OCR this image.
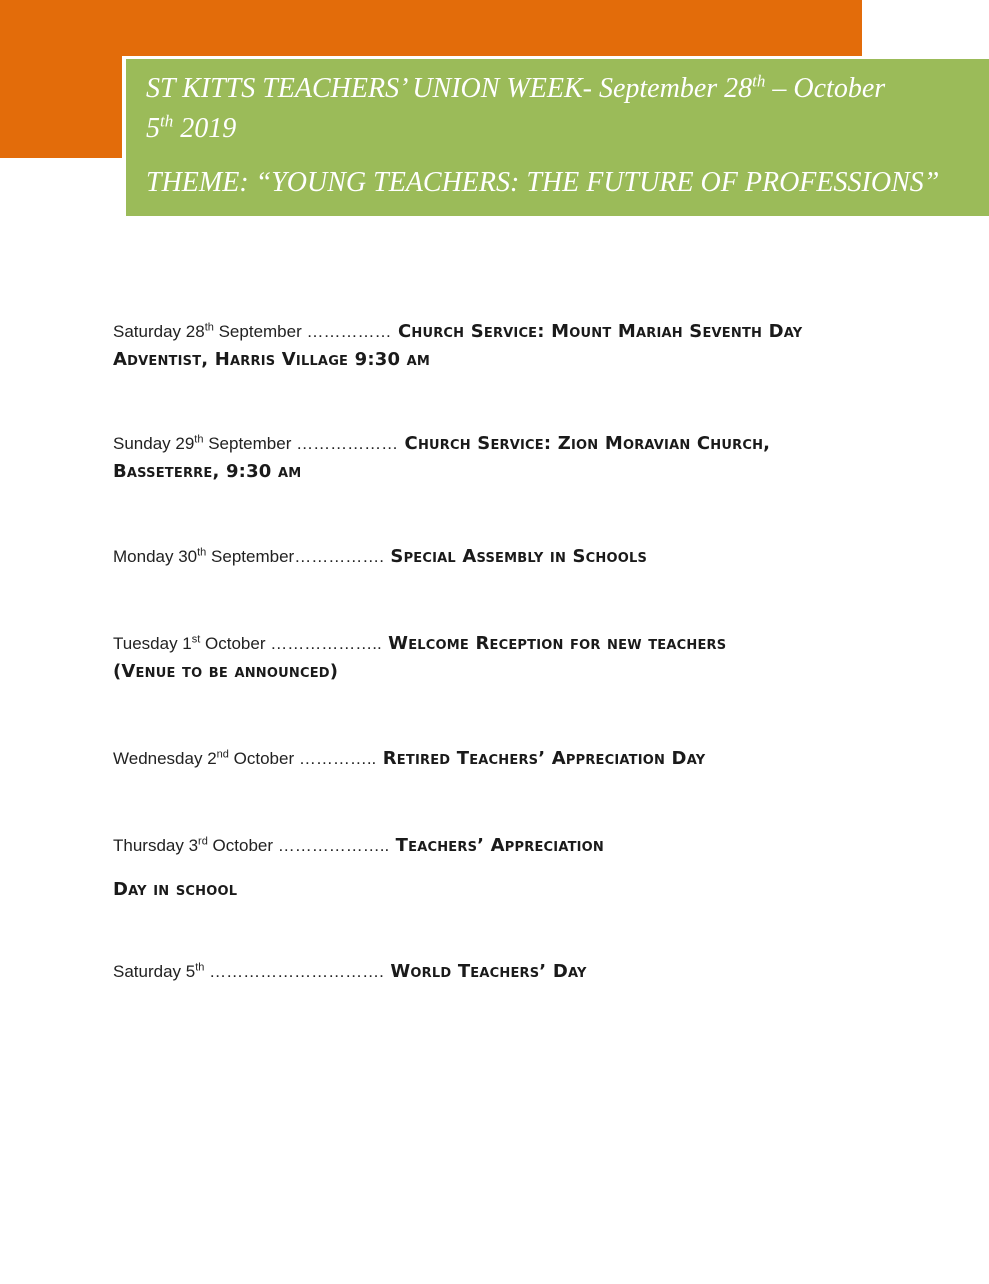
ST KITTS TEACHERS’ UNION WEEK- September 28th – October
5th 2019

THEME: “YOUNG TEACHERS: THE FUTURE OF PROFESSIONS”

Saturday 28th September …………… Church Service: Mount Mariah Seventh Day
Adventist, Harris Village 9:30 am
Sunday 29th September ……………… Church Service: Zion Moravian Church,
Basseterre, 9:30 am
Monday 30th September……………. Special Assembly in Schools
Tuesday 1st October ……………….. Welcome Reception for new teachers
(Venue to be announced)
Wednesday 2nd October ………….. Retired Teachers’ Appreciation Day
Thursday 3rd October ……………….. Teachers’ Appreciation
Day in school
Saturday 5th …………………………. World Teachers’ Day
